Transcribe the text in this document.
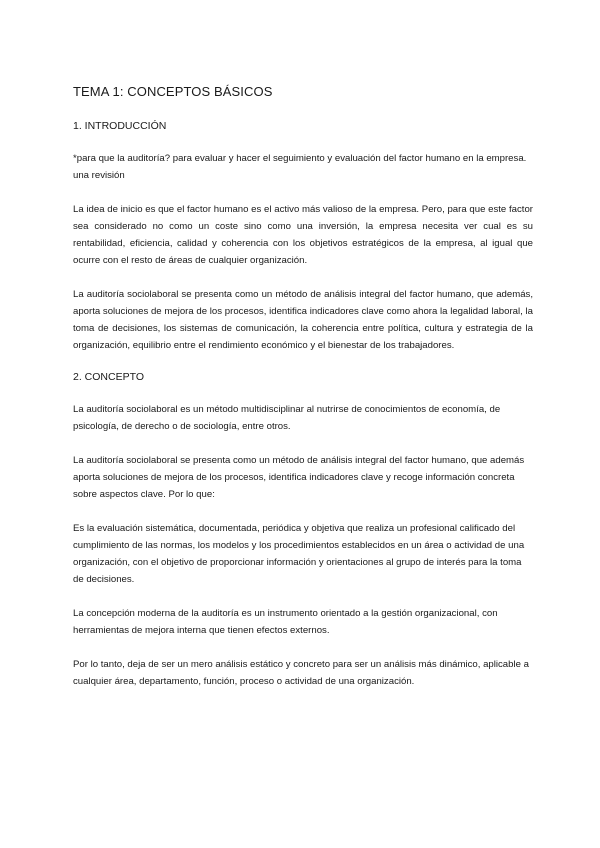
TEMA 1: CONCEPTOS BÁSICOS
1. INTRODUCCIÓN

*para que la auditoría? para evaluar y hacer el seguimiento y evaluación del factor humano en la empresa. una revisión

La idea de inicio es que el factor humano es el activo más valioso de la empresa. Pero, para que este factor sea considerado no como un coste sino como una inversión, la empresa necesita ver cual es su rentabilidad, eficiencia, calidad y coherencia con los objetivos estratégicos de la empresa, al igual que ocurre con el resto de áreas de cualquier organización.

La auditoría sociolaboral se presenta como un método de análisis integral del factor humano, que además, aporta soluciones de mejora de los procesos, identifica indicadores clave como ahora la legalidad laboral, la toma de decisiones, los sistemas de comunicación, la coherencia entre política, cultura y estrategia de la organización, equilibrio entre el rendimiento económico y el bienestar de los trabajadores.

2. CONCEPTO

La auditoría sociolaboral es un método multidisciplinar al nutrirse de conocimientos de economía, de psicología, de derecho o de sociología, entre otros.

La auditoría sociolaboral se presenta como un método de análisis integral del factor humano, que además aporta soluciones de mejora de los procesos, identifica indicadores clave y recoge información concreta sobre aspectos clave. Por lo que:

Es la evaluación sistemática, documentada, periódica y objetiva que realiza un profesional calificado del cumplimiento de las normas, los modelos y los procedimientos establecidos en un área o actividad de una organización, con el objetivo de proporcionar información y orientaciones al grupo de interés para la toma de decisiones.

La concepción moderna de la auditoría es un instrumento orientado a la gestión organizacional, con herramientas de mejora interna que tienen efectos externos.

Por lo tanto, deja de ser un mero análisis estático y concreto para ser un análisis más dinámico, aplicable a cualquier área, departamento, función, proceso o actividad de una organización.
